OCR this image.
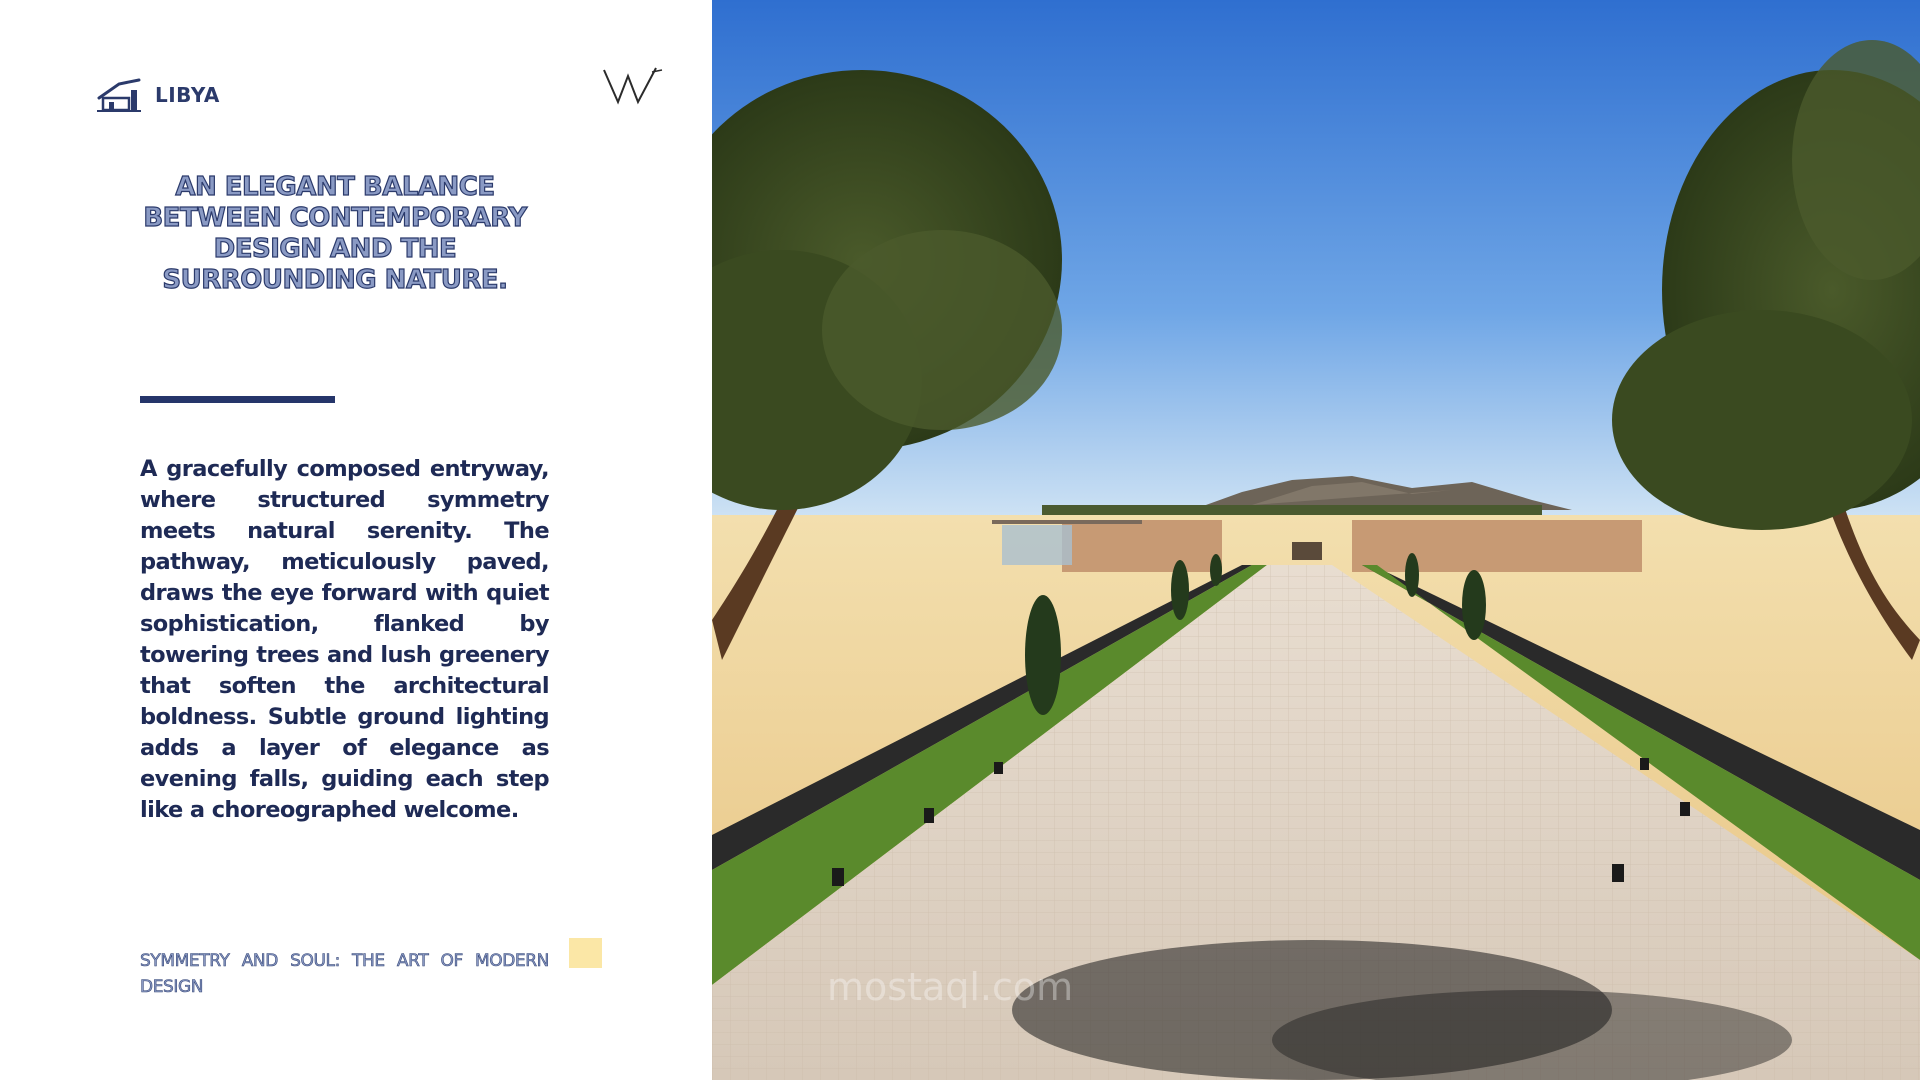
LIBYA
AN ELEGANT BALANCE BETWEEN CONTEMPORARY DESIGN AND THE SURROUNDING NATURE.
A gracefully composed entryway, where structured symmetry meets natural serenity. The pathway, meticulously paved, draws the eye forward with quiet sophistication, flanked by towering trees and lush greenery that soften the architectural boldness. Subtle ground lighting adds a layer of elegance as evening falls, guiding each step like a choreographed welcome.
SYMMETRY AND SOUL: THE ART OF MODERN DESIGN	mostaql.com
